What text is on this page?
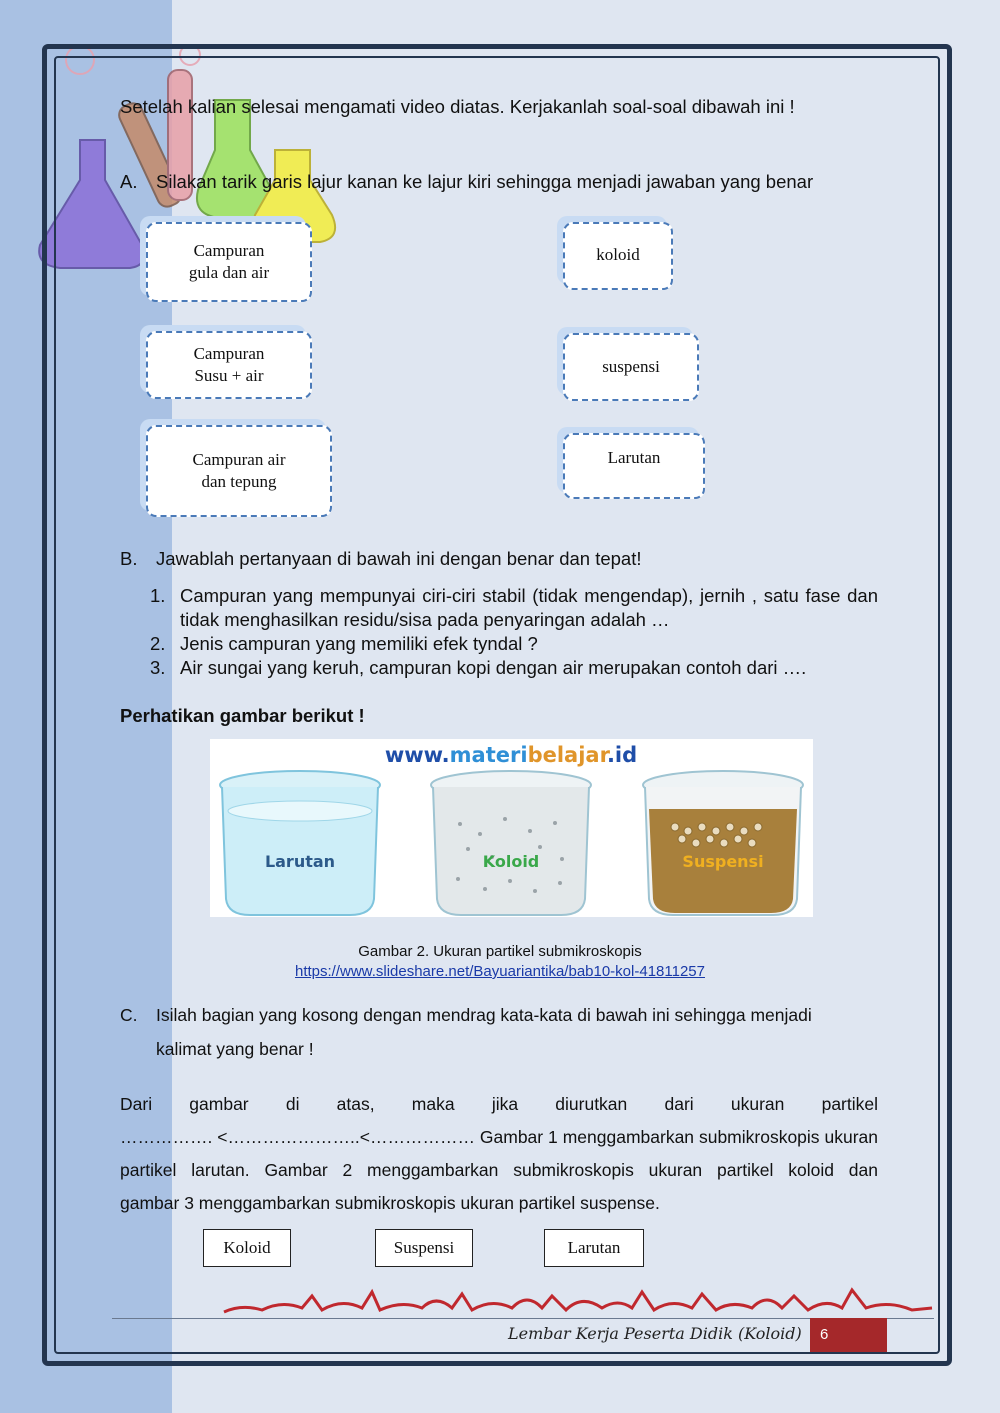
Setelah kalian selesai mengamati video diatas. Kerjakanlah soal-soal dibawah ini !
A. Silakan tarik garis lajur kanan ke lajur kiri sehingga menjadi jawaban yang benar
Campuran
gula dan air
Campuran
Susu + air
Campuran air
dan tepung
koloid
suspensi
Larutan
B. Jawablah pertanyaan di bawah ini dengan benar dan tepat!
1. Campuran yang mempunyai ciri-ciri stabil (tidak mengendap), jernih , satu fase dan tidak menghasilkan residu/sisa pada penyaringan adalah …
2. Jenis campuran yang memiliki efek tyndal ?
3. Air sungai yang keruh, campuran kopi dengan air merupakan contoh dari ….
Perhatikan gambar berikut !
www.materibelajar.id
Larutan	Koloid	Suspensi
Gambar 2. Ukuran partikel submikroskopis
https://www.slideshare.net/Bayuariantika/bab10-kol-41811257
C. Isilah bagian yang kosong dengan mendrag kata-kata di bawah ini sehingga menjadi
kalimat yang benar !
Dari gambar di atas, maka jika diurutkan dari ukuran partikel
……………. <…………………..<……………… Gambar 1 menggambarkan submikroskopis ukuran
partikel larutan. Gambar 2 menggambarkan submikroskopis ukuran partikel koloid dan
gambar 3 menggambarkan submikroskopis ukuran partikel suspense.
Koloid	Suspensi	Larutan
Lembar Kerja Peserta Didik (Koloid)	6
